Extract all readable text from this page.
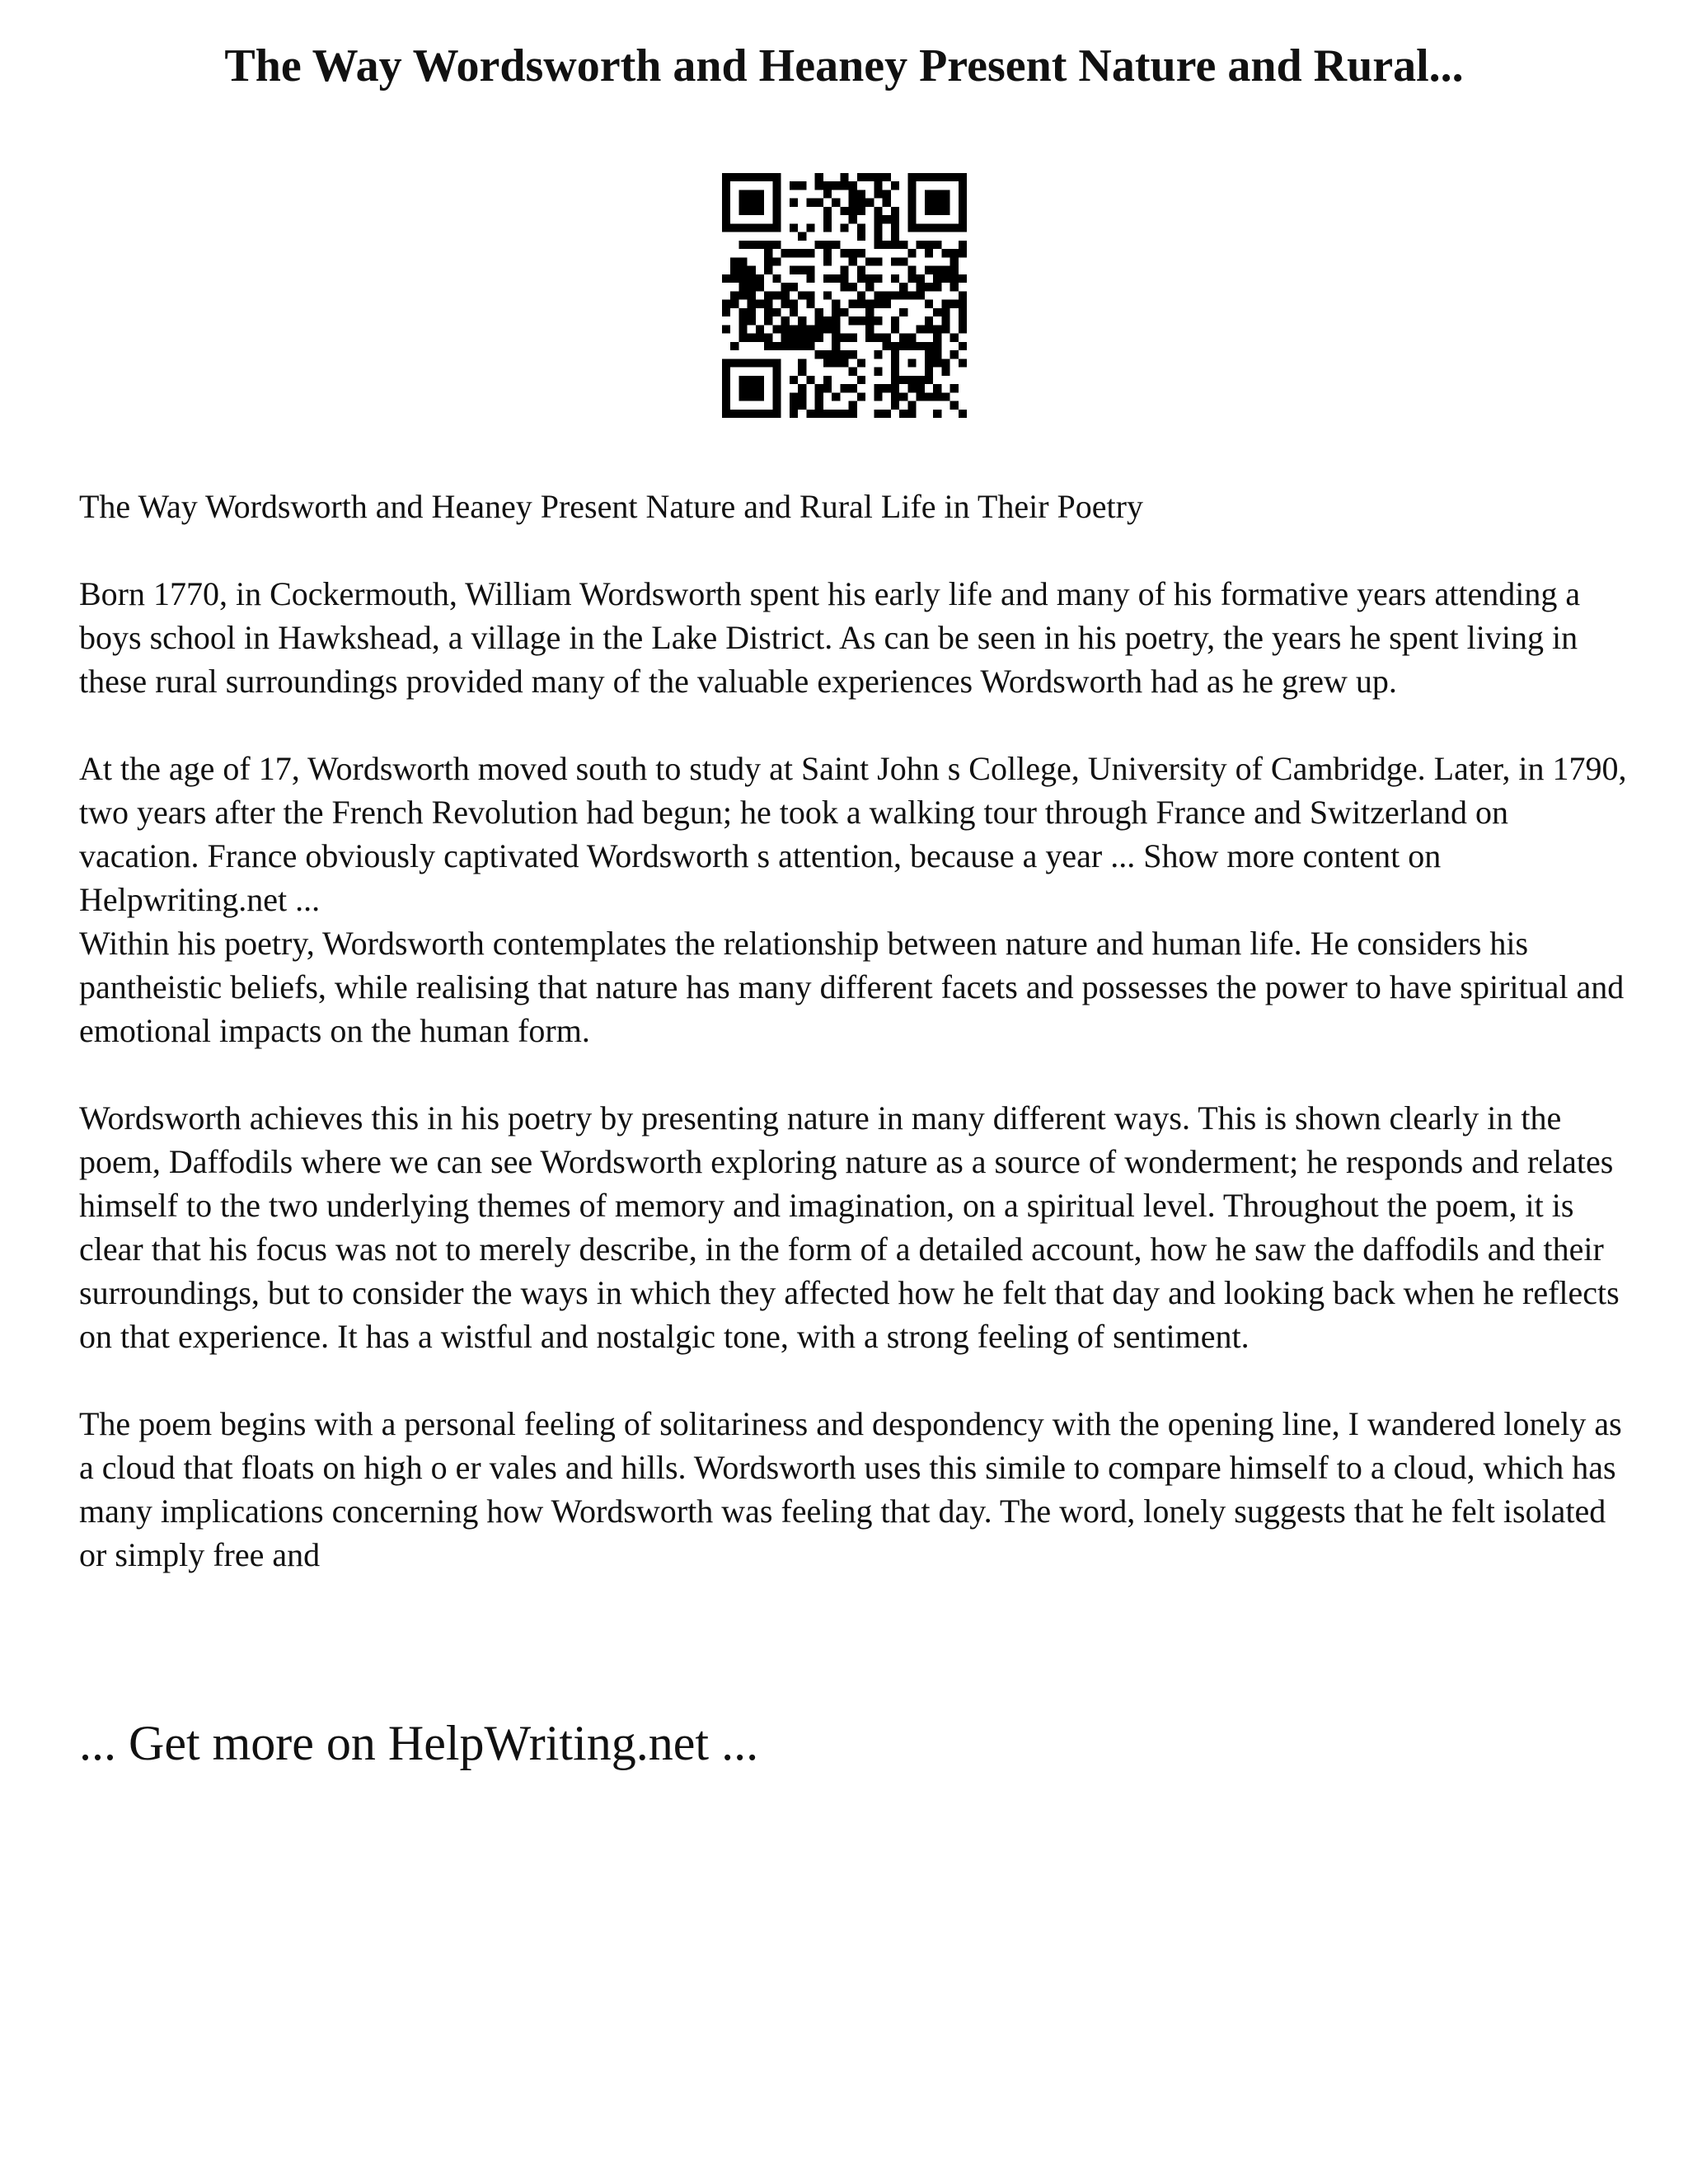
The Way Wordsworth and Heaney Present Nature and Rural...

The Way Wordsworth and Heaney Present Nature and Rural Life in Their Poetry

Born 1770, in Cockermouth, William Wordsworth spent his early life and many of his formative years attending a boys school in Hawkshead, a village in the Lake District. As can be seen in his poetry, the years he spent living in these rural surroundings provided many of the valuable experiences Wordsworth had as he grew up.

At the age of 17, Wordsworth moved south to study at Saint John s College, University of Cambridge. Later, in 1790, two years after the French Revolution had begun; he took a walking tour through France and Switzerland on vacation. France obviously captivated Wordsworth s attention, because a year ... Show more content on Helpwriting.net ...

Within his poetry, Wordsworth contemplates the relationship between nature and human life. He considers his pantheistic beliefs, while realising that nature has many different facets and possesses the power to have spiritual and emotional impacts on the human form.

Wordsworth achieves this in his poetry by presenting nature in many different ways. This is shown clearly in the poem, Daffodils where we can see Wordsworth exploring nature as a source of wonderment; he responds and relates himself to the two underlying themes of memory and imagination, on a spiritual level. Throughout the poem, it is clear that his focus was not to merely describe, in the form of a detailed account, how he saw the daffodils and their surroundings, but to consider the ways in which they affected how he felt that day and looking back when he reflects on that experience. It has a wistful and nostalgic tone, with a strong feeling of sentiment.

The poem begins with a personal feeling of solitariness and despondency with the opening line, I wandered lonely as a cloud that floats on high o er vales and hills. Wordsworth uses this simile to compare himself to a cloud, which has many implications concerning how Wordsworth was feeling that day. The word, lonely suggests that he felt isolated or simply free and

... Get more on HelpWriting.net ...
